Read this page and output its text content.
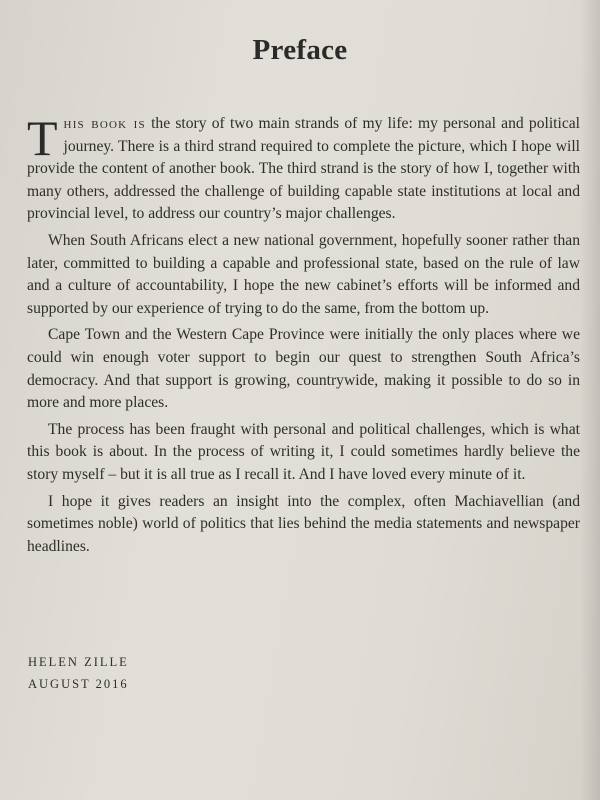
Preface

This book is the story of two main strands of my life: my personal and political journey. There is a third strand required to complete the picture, which I hope will provide the content of another book. The third strand is the story of how I, together with many others, addressed the challenge of building capable state institutions at local and provincial level, to address our country’s major challenges.

When South Africans elect a new national government, hopefully sooner rather than later, committed to building a capable and professional state, based on the rule of law and a culture of accountability, I hope the new cabinet’s efforts will be informed and supported by our experience of trying to do the same, from the bottom up.

Cape Town and the Western Cape Province were initially the only places where we could win enough voter support to begin our quest to strengthen South Africa’s democracy. And that support is growing, countrywide, making it possible to do so in more and more places.

The process has been fraught with personal and political challenges, which is what this book is about. In the process of writing it, I could sometimes hardly believe the story myself – but it is all true as I recall it. And I have loved every minute of it.

I hope it gives readers an insight into the complex, often Machiavellian (and sometimes noble) world of politics that lies behind the media statements and newspaper headlines.

HELEN ZILLE
AUGUST 2016
